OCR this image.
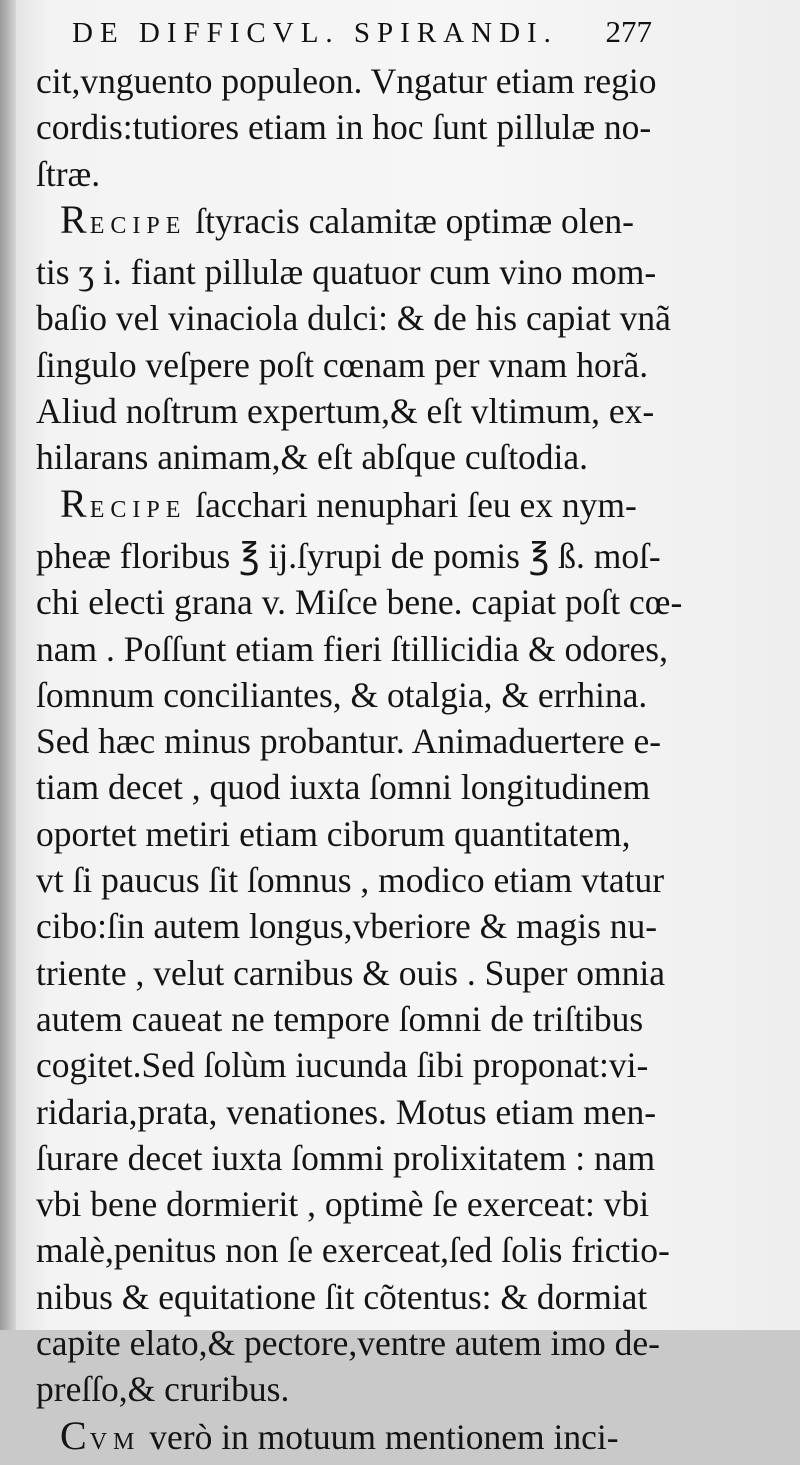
DE DIFFICVL. SPIRANDI. 277
cit,vnguento populeon. Vngatur etiam regio
cordis:tutiores etiam in hoc ſunt pillulæ no-
ſtræ.
RECIPE ſtyracis calamitæ optimæ olen-
tis ʒ i. fiant pillulæ quatuor cum vino mom-
baſio vel vinaciola dulci: & de his capiat vnã
ſingulo veſpere poſt cœnam per vnam horã.
Aliud noſtrum expertum,& eſt vltimum, ex-
hilarans animam,& eſt abſque cuſtodia.
RECIPE ſacchari nenuphari ſeu ex nym-
pheæ floribus ℥ ij.ſyrupi de pomis ℥ ß. moſ-
chi electi grana v. Miſce bene. capiat poſt cœ-
nam . Poſſunt etiam fieri ſtillicidia & odores,
ſomnum conciliantes, & otalgia, & errhina.
Sed hæc minus probantur. Animaduertere e-
tiam decet , quod iuxta ſomni longitudinem
oportet metiri etiam ciborum quantitatem,
vt ſi paucus ſit ſomnus , modico etiam vtatur
cibo:ſin autem longus,vberiore & magis nu-
triente , velut carnibus & ouis . Super omnia
autem caueat ne tempore ſomni de triſtibus
cogitet.Sed ſolùm iucunda ſibi proponat:vi-
ridaria,prata, venationes. Motus etiam men-
ſurare decet iuxta ſommi prolixitatem : nam
vbi bene dormierit , optimè ſe exerceat: vbi
malè,penitus non ſe exerceat,ſed ſolis frictio-
nibus & equitatione ſit cõtentus: & dormiat
capite elato,& pectore,ventre autem imo de-
preſſo,& cruribus.
CVM verò in motuum mentionem inci-
